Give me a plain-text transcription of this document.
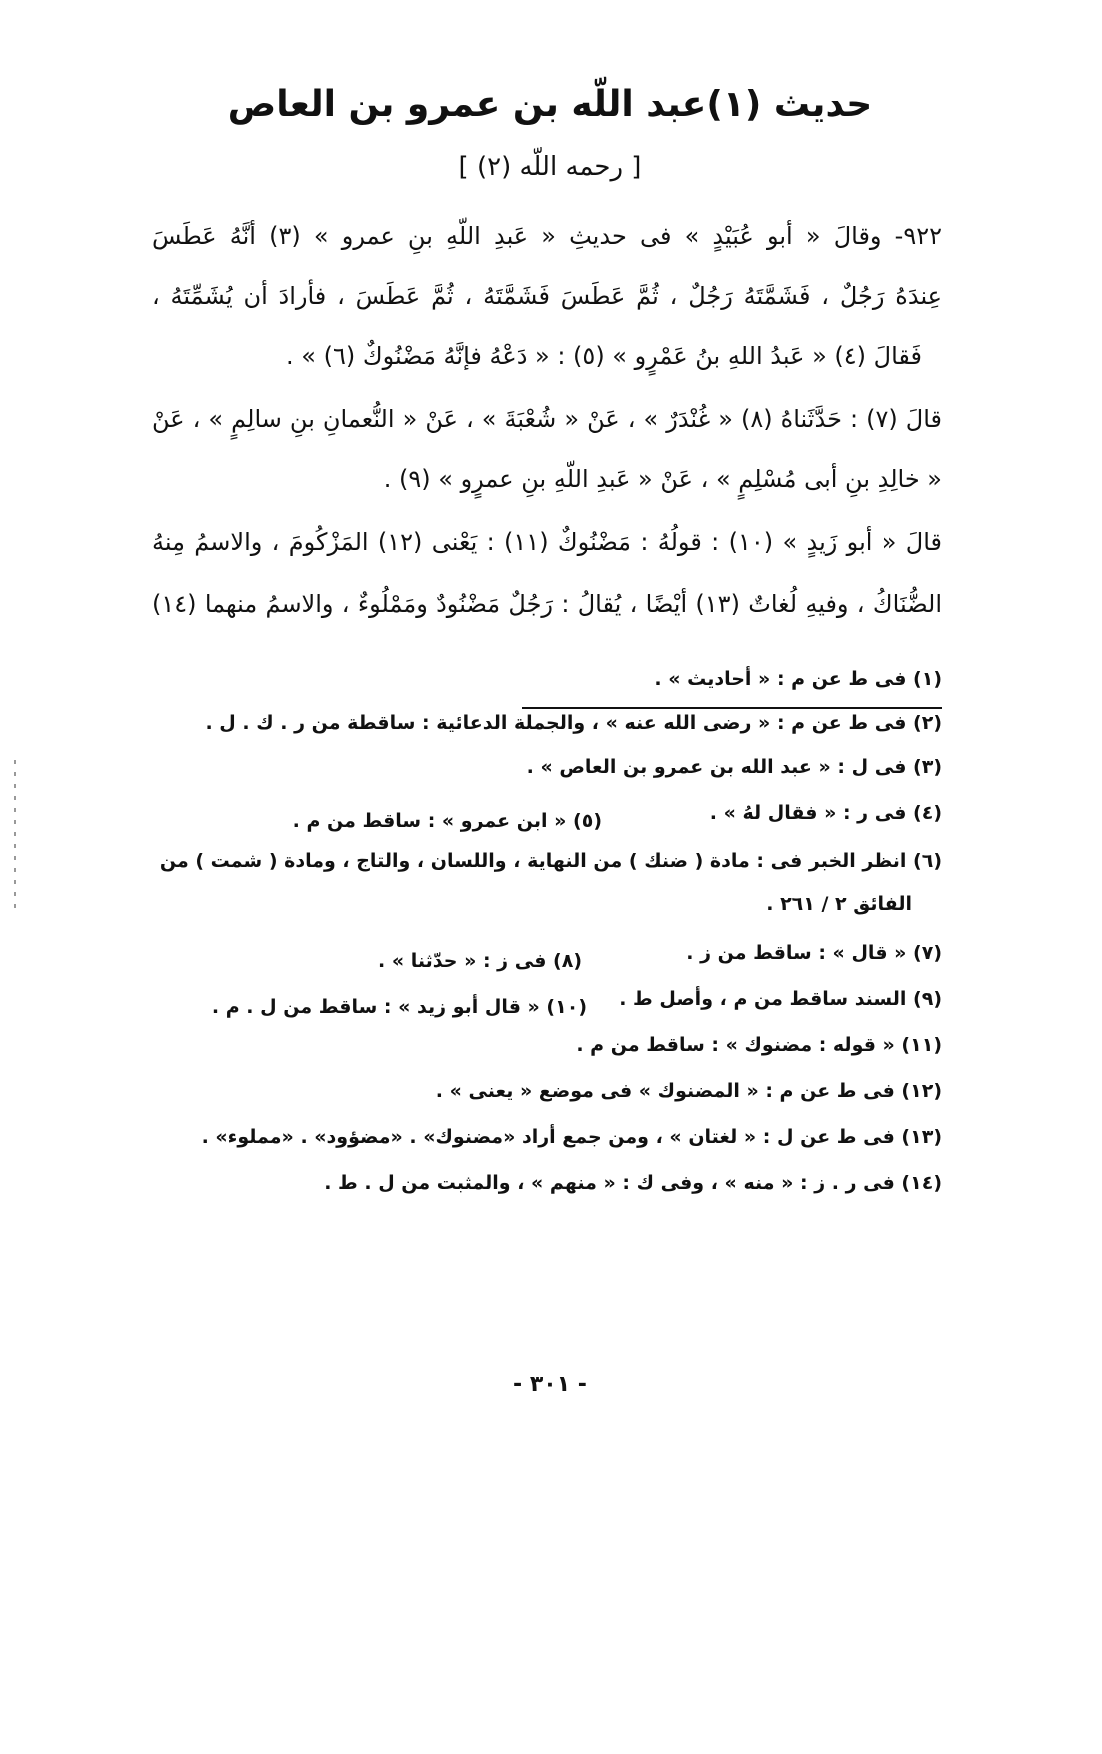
حديث (١)عبد اللّه بن عمرو بن العاص
[ رحمه اللّه (٢) ]
٩٢٢- وقالَ « أبو عُبَيْدٍ » فى حديثِ « عَبدِ اللّهِ بنِ عمرو » (٣) أنَّهُ عَطَسَ
عِندَهُ رَجُلٌ ، فَشَمَّتَهُ رَجُلٌ ، ثُمَّ عَطَسَ فَشَمَّتَهُ ، ثُمَّ عَطَسَ ، فأرادَ أن يُشَمِّتَهُ ،
فَقالَ (٤) « عَبدُ اللهِ بنُ عَمْرٍو » (٥) : « دَعْهُ فإنَّهُ مَضْنُوكٌ (٦) » .
قالَ (٧) : حَدَّثَناهُ (٨) « غُنْدَرٌ » ، عَنْ « شُعْبَةَ » ، عَنْ « النُّعمانِ بنِ سالِمٍ » ، عَنْ
« خالِدِ بنِ أبى مُسْلِمٍ » ، عَنْ « عَبدِ اللّهِ بنِ عمرٍو » (٩) .
قالَ « أبو زَيدٍ » (١٠) : قولُهُ : مَضْنُوكٌ (١١) : يَعْنى (١٢) المَزْكُومَ ، والاسمُ مِنهُ
الضُّنَاكُ ، وفيهِ لُغاتٌ (١٣) أيْضًا ، يُقالُ : رَجُلٌ مَضْنُودٌ ومَمْلُوءٌ ، والاسمُ منهما (١٤)
(١) فى ط عن م : « أحاديث » .
(٢) فى ط عن م : « رضى الله عنه » ، والجملة الدعائية : ساقطة من ر . ك . ل .
(٣) فى ل : « عبد الله بن عمرو بن العاص » .
(٤) فى ر : « فقال لهُ » .
(٥) « ابن عمرو » : ساقط من م .
(٦) انظر الخبر فى : مادة ( ضنك ) من النهاية ، واللسان ، والتاج ، ومادة ( شمت ) من
الفائق ٢ / ٢٦١ .
(٧) « قال » : ساقط من ز .
(٨) فى ز : « حدّثنا » .
(٩) السند ساقط من م ، وأصل ط .
(١٠) « قال أبو زيد » : ساقط من ل . م .
(١١) « قوله : مضنوك » : ساقط من م .
(١٢) فى ط عن م : « المضنوك » فى موضع « يعنى » .
(١٣) فى ط عن ل : « لغتان » ، ومن جمع أراد «مضنوك» . «مضؤود» . «مملوء» .
(١٤) فى ر . ز : « منه » ، وفى ك : « منهم » ، والمثبت من ل . ط .
- ٣٠١ -
